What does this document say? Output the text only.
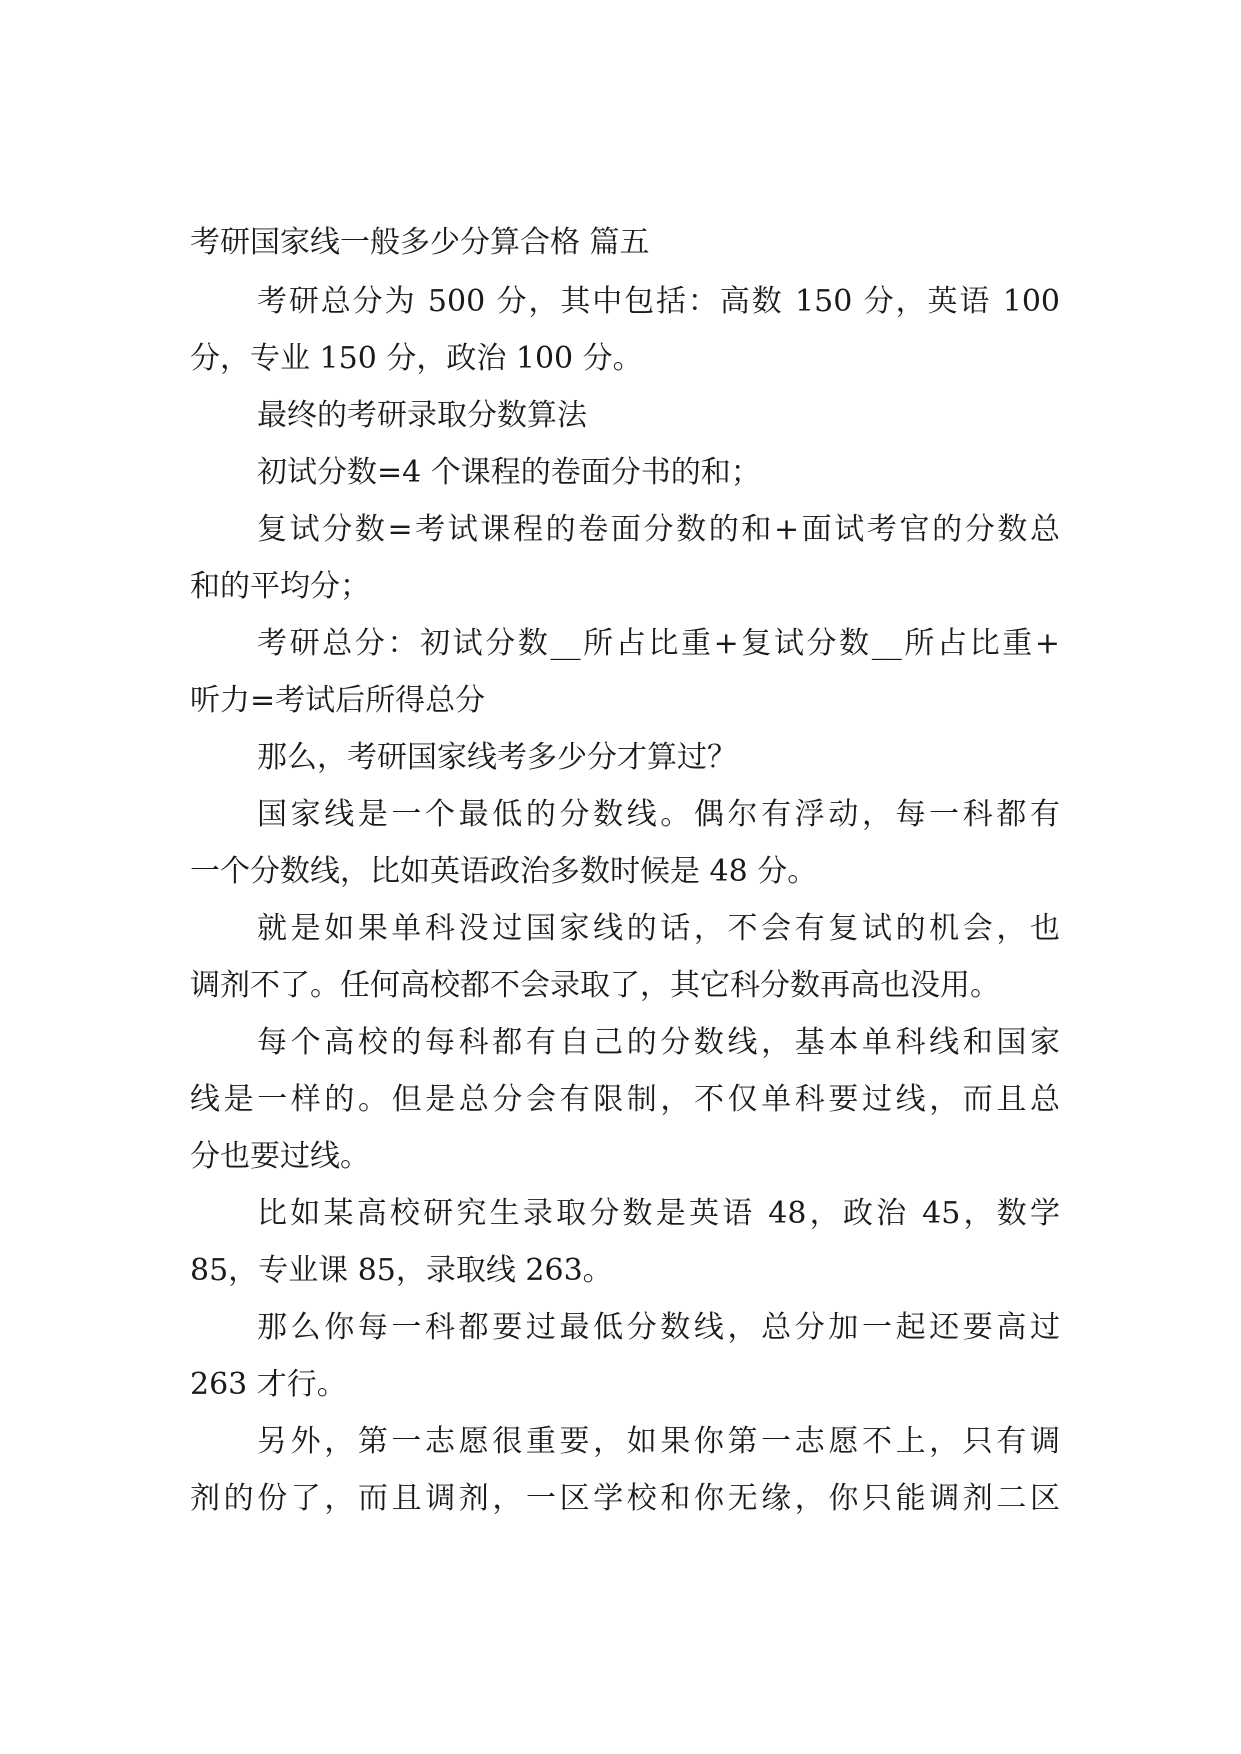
考研国家线一般多少分算合格 篇五

考研总分为 500 分，其中包括：高数 150 分，英语 100

分，专业 150 分，政治 100 分。

最终的考研录取分数算法

初试分数=4 个课程的卷面分书的和；

复试分数=考试课程的卷面分数的和+面试考官的分数总

和的平均分；

考研总分：初试分数__所占比重+复试分数__所占比重+

听力=考试后所得总分

那么，考研国家线考多少分才算过？

国家线是一个最低的分数线。偶尔有浮动，每一科都有

一个分数线，比如英语政治多数时候是 48 分。

就是如果单科没过国家线的话，不会有复试的机会，也

调剂不了。任何高校都不会录取了，其它科分数再高也没用。

每个高校的每科都有自己的分数线，基本单科线和国家

线是一样的。但是总分会有限制，不仅单科要过线，而且总

分也要过线。

比如某高校研究生录取分数是英语 48，政治 45，数学

85，专业课 85，录取线 263。

那么你每一科都要过最低分数线，总分加一起还要高过

263 才行。

另外，第一志愿很重要，如果你第一志愿不上，只有调

剂的份了，而且调剂，一区学校和你无缘，你只能调剂二区
